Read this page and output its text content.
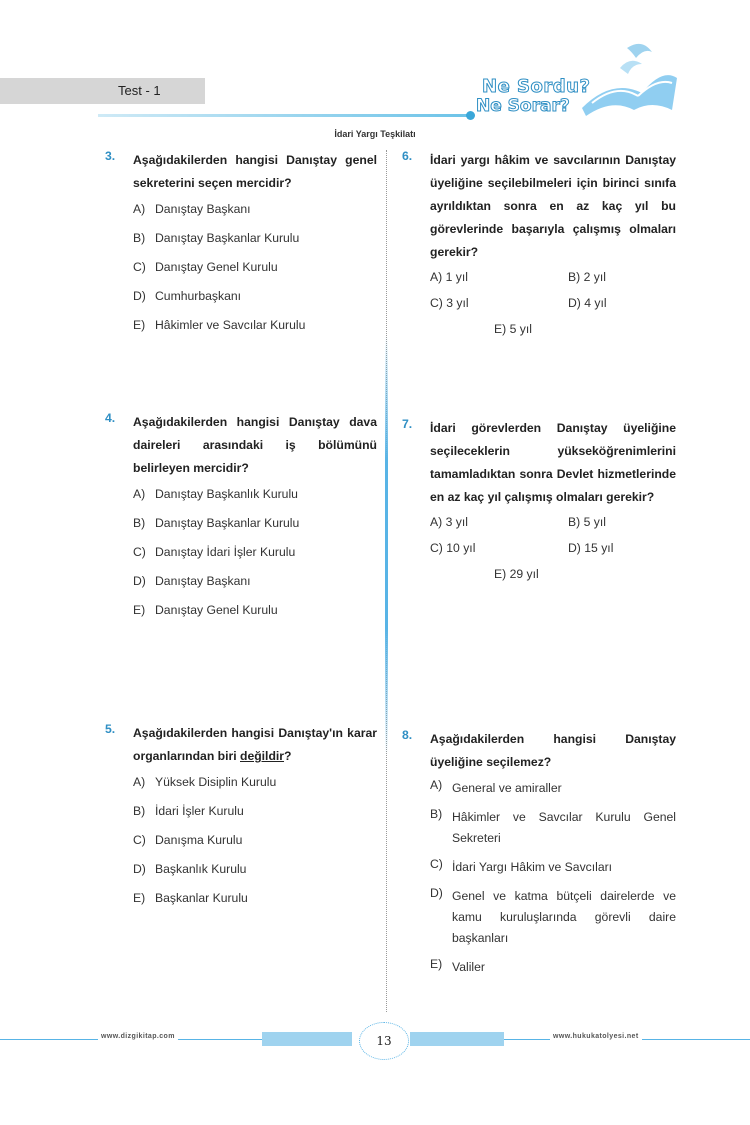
Test - 1	Ne Sordu?
Ne Sorar?
İdari Yargı Teşkilatı
3. Aşağıdakilerden hangisi Danıştay genel sekreterini seçen mercidir?
A) Danıştay Başkanı
B) Danıştay Başkanlar Kurulu
C) Danıştay Genel Kurulu
D) Cumhurbaşkanı
E) Hâkimler ve Savcılar Kurulu
4. Aşağıdakilerden hangisi Danıştay dava daireleri arasındaki iş bölümünü belirleyen mercidir?
A) Danıştay Başkanlık Kurulu
B) Danıştay Başkanlar Kurulu
C) Danıştay İdari İşler Kurulu
D) Danıştay Başkanı
E) Danıştay Genel Kurulu
5. Aşağıdakilerden hangisi Danıştay'ın karar organlarından biri değildir?
A) Yüksek Disiplin Kurulu
B) İdari İşler Kurulu
C) Danışma Kurulu
D) Başkanlık Kurulu
E) Başkanlar Kurulu
6. İdari yargı hâkim ve savcılarının Danıştay üyeliğine seçilebilmeleri için birinci sınıfa ayrıldıktan sonra en az kaç yıl bu görevlerinde başarıyla çalışmış olmaları gerekir?
A) 1 yıl	B) 2 yıl
C) 3 yıl	D) 4 yıl
E) 5 yıl
7. İdari görevlerden Danıştay üyeliğine seçileceklerin yükseköğrenimlerini tamamladıktan sonra Devlet hizmetlerinde en az kaç yıl çalışmış olmaları gerekir?
A) 3 yıl	B) 5 yıl
C) 10 yıl	D) 15 yıl
E) 29 yıl
8. Aşağıdakilerden hangisi Danıştay üyeliğine seçilemez?
A) General ve amiraller
B) Hâkimler ve Savcılar Kurulu Genel Sekreteri
C) İdari Yargı Hâkim ve Savcıları
D) Genel ve katma bütçeli dairelerde ve kamu kuruluşlarında görevli daire başkanları
E) Valiler
www.dizgikitap.com	www.hukukatolyesi.net
13
